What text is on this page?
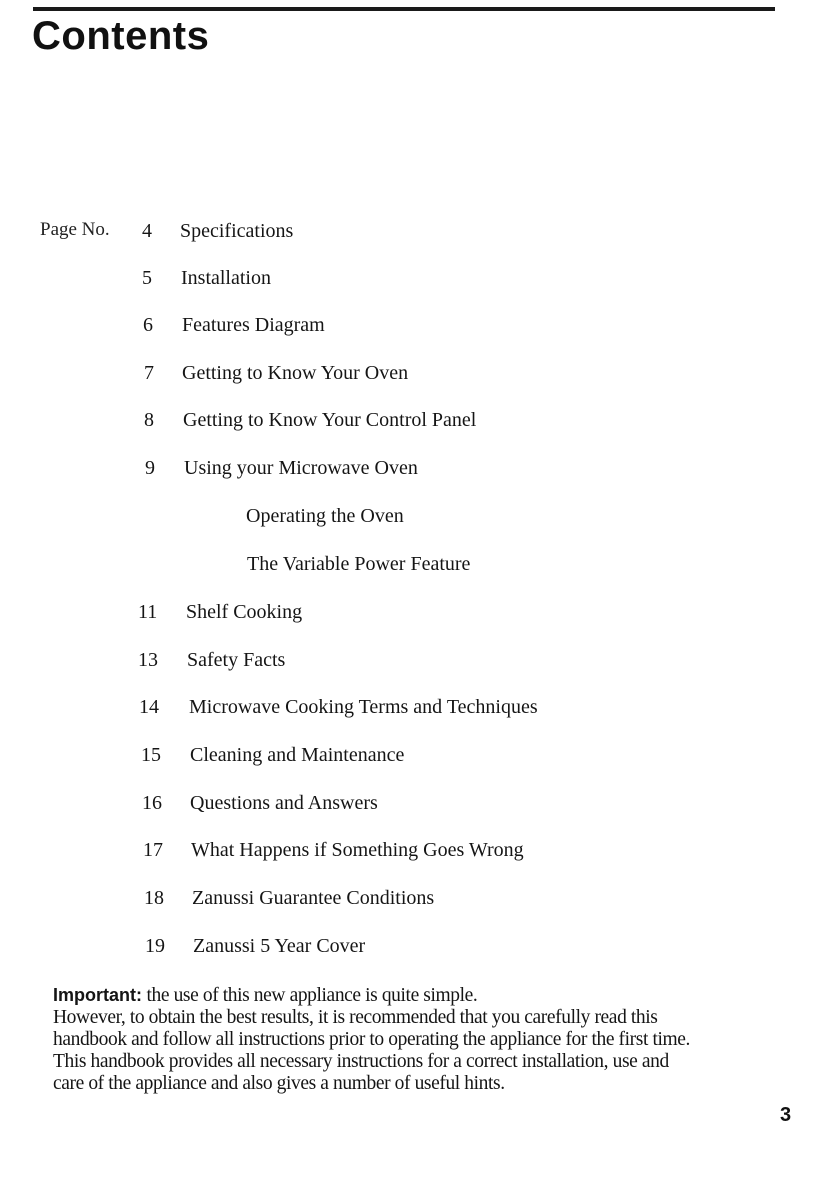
Contents
Page No. 4 Specifications
5 Installation
6 Features Diagram
7 Getting to Know Your Oven
8 Getting to Know Your Control Panel
9 Using your Microwave Oven
Operating the Oven
The Variable Power Feature
11 Shelf Cooking
13 Safety Facts
14 Microwave Cooking Terms and Techniques
15 Cleaning and Maintenance
16 Questions and Answers
17 What Happens if Something Goes Wrong
18 Zanussi Guarantee Conditions
19 Zanussi 5 Year Cover
Important: the use of this new appliance is quite simple.
However, to obtain the best results, it is recommended that you carefully read this
handbook and follow all instructions prior to operating the appliance for the first time.
This handbook provides all necessary instructions for a correct installation, use and
care of the appliance and also gives a number of useful hints.
3
